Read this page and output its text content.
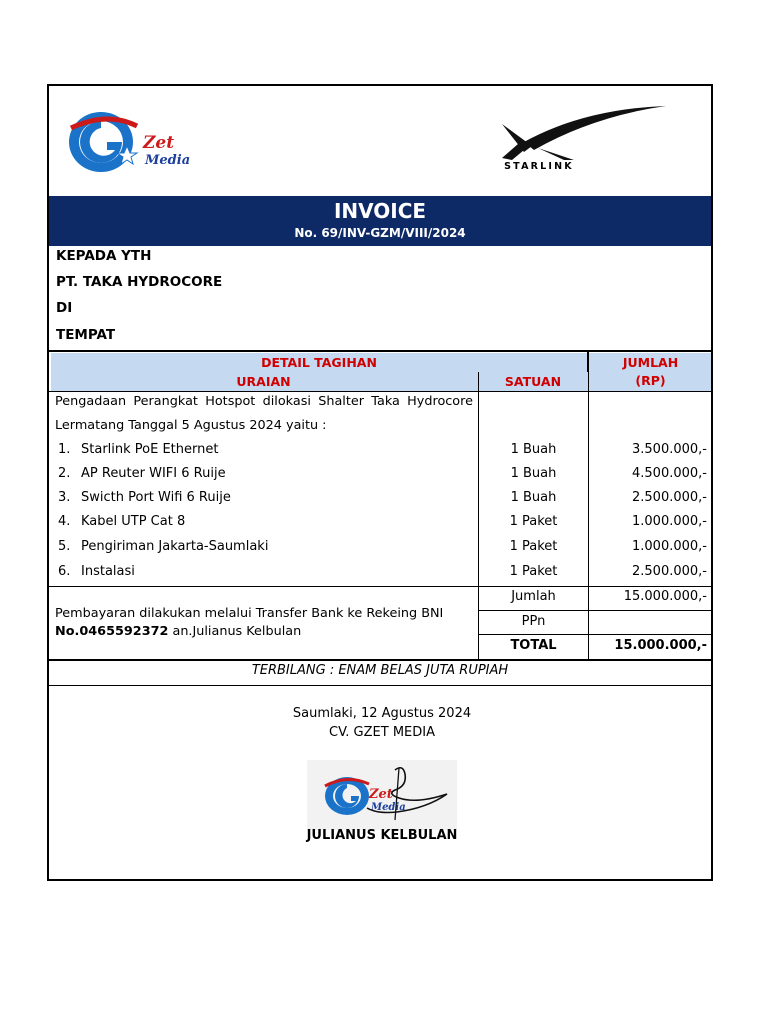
Zet
Media	STARLINK
INVOICE
No. 69/INV-GZM/VIII/2024
KEPADA YTH
PT. TAKA HYDROCORE
DI
TEMPAT
DETAIL TAGIHAN
URAIAN	SATUAN
JUMLAH
(RP)
Pengadaan Perangkat Hotspot dilokasi Shalter Taka Hydrocore
Lermatang Tanggal 5 Agustus 2024 yaitu :
1. Starlink PoE Ethernet	1 Buah	3.500.000,-
2. AP Reuter WIFI 6 Ruije	1 Buah	4.500.000,-
3. Swicth Port Wifi 6 Ruije	1 Buah	2.500.000,-
4. Kabel UTP Cat 8	1 Paket	1.000.000,-
5. Pengiriman Jakarta-Saumlaki	1 Paket	1.000.000,-
6. Instalasi	1 Paket	2.500.000,-
Pembayaran dilakukan melalui Transfer Bank ke Rekeing BNI
No.0465592372 an.Julianus Kelbulan
Jumlah	15.000.000,-
PPn
TOTAL	15.000.000,-
TERBILANG : ENAM BELAS JUTA RUPIAH
Saumlaki, 12 Agustus 2024
CV. GZET MEDIA
Zet
Media
JULIANUS KELBULAN
